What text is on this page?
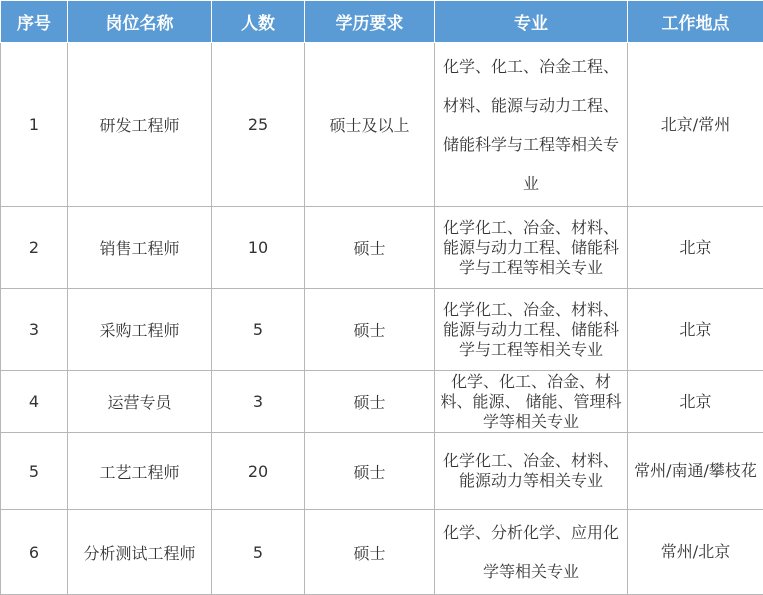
序号	岗位名称	人数	学历要求	专业	工作地点
1	研发工程师	25	硕士及以上	化学、化工、冶金工程、 材料、能源与动力工程、 储能科学与工程等相关专业	北京/常州
2	销售工程师	10	硕士	化学化工、冶金、材料、能源与动力工程、储能科学与工程等相关专业	北京
3	采购工程师	5	硕士	化学化工、冶金、材料、能源与动力工程、储能科学与工程等相关专业	北京
4	运营专员	3	硕士	化学、化工、冶金、材料、能源、 储能、管理科学等相关专业	北京
5	工艺工程师	20	硕士	化学化工、冶金、材料、能源动力等相关专业	常州/南通/攀枝花
6	分析测试工程师	5	硕士	化学、分析化学、应用化学等相关专业	常州/北京
